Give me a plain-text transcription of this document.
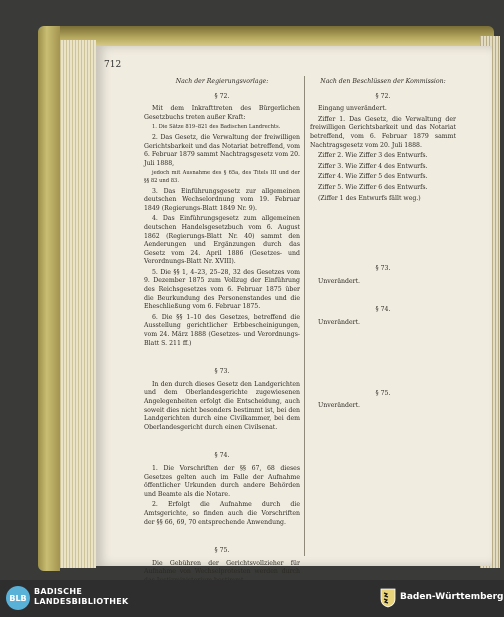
712
Nach der Regierungsvorlage:
§ 72.
Mit dem Inkrafttreten des Bürgerlichen Gesetzbuchs treten außer Kraft:
1. Die Sätze 819–821 des Badischen Landrechts.
2. Das Gesetz, die Verwaltung der freiwilligen Gerichtsbarkeit und das Notariat betreffend, vom 6. Februar 1879 sammt Nachtragsgesetz vom 20. Juli 1888,
jedoch mit Ausnahme des § 65a, des Titels III und der §§ 82 und 83.
3. Das Einführungsgesetz zur allgemeinen deutschen Wechselordnung vom 19. Februar 1849 (Regierungs-Blatt 1849 Nr. 9).
4. Das Einführungsgesetz zum allgemeinen deutschen Handelsgesetzbuch vom 6. August 1862 (Regierungs-Blatt Nr. 40) sammt den Aenderungen und Ergänzungen durch das Gesetz vom 24. April 1886 (Gesetzes- und Verordnungs-Blatt Nr. XVIII).
5. Die §§ 1, 4–23, 25–28, 32 des Gesetzes vom 9. Dezember 1875 zum Vollzug der Einführung des Reichsgesetzes vom 6. Februar 1875 über die Beurkundung des Personenstandes und die Eheschließung vom 6. Februar 1875.
6. Die §§ 1–10 des Gesetzes, betreffend die Ausstellung gerichtlicher Erbbescheinigungen, vom 24. März 1888 (Gesetzes- und Verordnungs-Blatt S. 211 ff.)
§ 73.
In den durch dieses Gesetz den Landgerichten und dem Oberlandesgerichte zugewiesenen Angelegenheiten erfolgt die Entscheidung, auch soweit dies nicht besonders bestimmt ist, bei den Landgerichten durch eine Civilkammer, bei dem Oberlandesgericht durch einen Civilsenat.
§ 74.
1. Die Vorschriften der §§ 67, 68 dieses Gesetzes gelten auch im Falle der Aufnahme öffentlicher Urkunden durch andere Behörden und Beamte als die Notare.
2. Erfolgt die Aufnahme durch die Amtsgerichte, so finden auch die Vorschriften der §§ 66, 69, 70 entsprechende Anwendung.
§ 75.
Die Gebühren der Gerichtsvollzieher für Aufnahme von Wechselprotesten werden durch
Nach den Beschlüssen der Kommission:
§ 72.
Eingang unverändert.
Ziffer 1. Das Gesetz, die Verwaltung der freiwilligen Gerichtsbarkeit und das Notariat betreffend, vom 6. Februar 1879 sammt Nachtragsgesetz vom 20. Juli 1888.
Ziffer 2. Wie Ziffer 3 des Entwurfs.
Ziffer 3. Wie Ziffer 4 des Entwurfs.
Ziffer 4. Wie Ziffer 5 des Entwurfs.
Ziffer 5. Wie Ziffer 6 des Entwurfs.
(Ziffer 1 des Entwurfs fällt weg.)
§ 73.
Unverändert.
§ 74.
Unverändert.
§ 75.
Unverändert.
BLB
BADISCHE
LANDESBIBLIOTHEK	Baden-Württemberg
